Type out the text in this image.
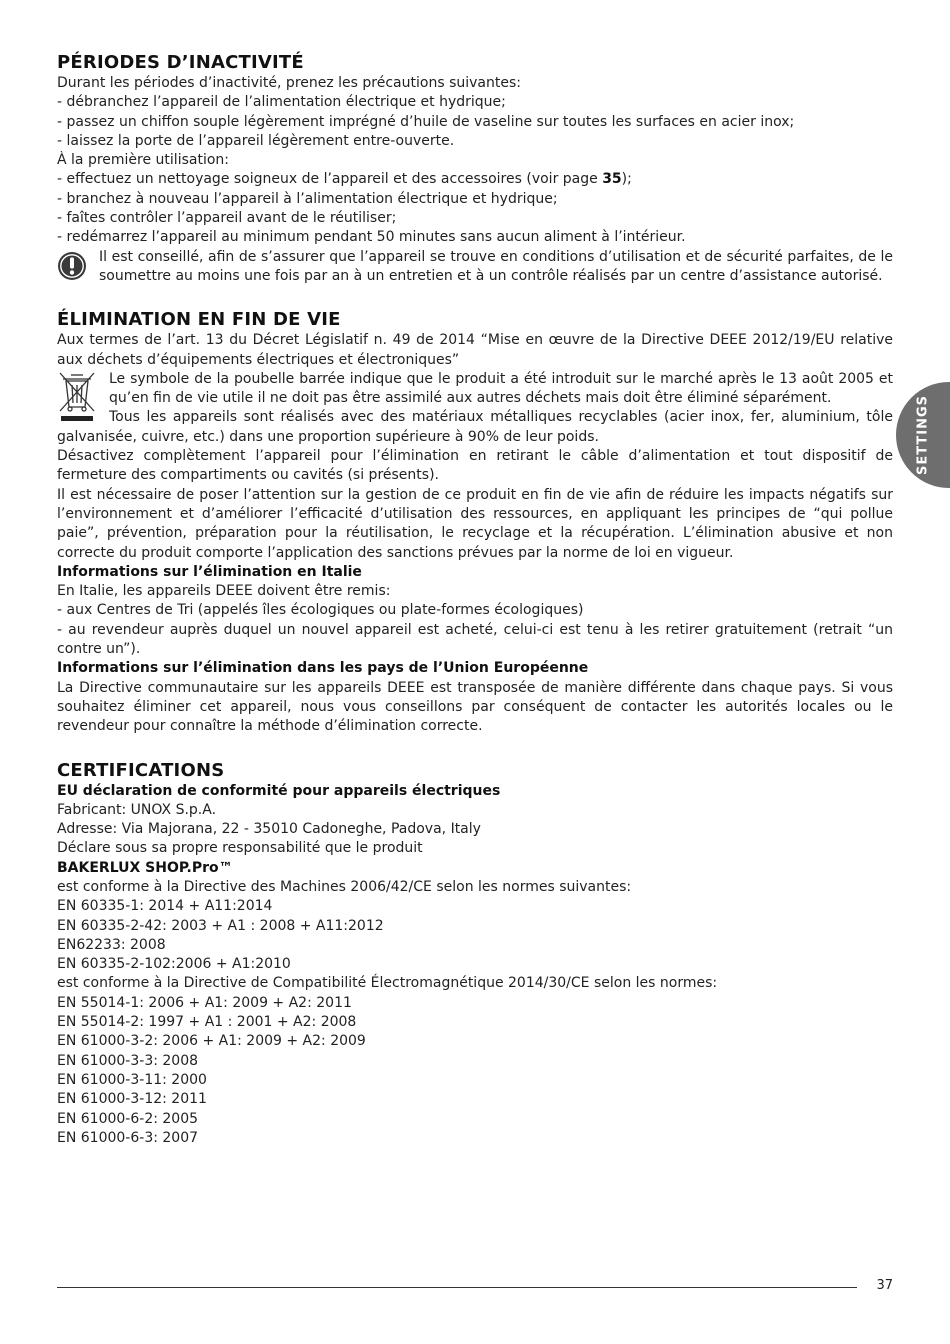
SETTINGS
PÉRIODES D’INACTIVITÉ
Durant les périodes d’inactivité, prenez les précautions suivantes:
- débranchez l’appareil de l’alimentation électrique et hydrique;
- passez un chiffon souple légèrement imprégné d’huile de vaseline sur toutes les surfaces en acier inox;
- laissez la porte de l’appareil légèrement entre-ouverte.
À la première utilisation:
- effectuez un nettoyage soigneux de l’appareil et des accessoires (voir page 35);
- branchez à nouveau l’appareil à l’alimentation électrique et hydrique;
- faîtes contrôler l’appareil avant de le réutiliser;
- redémarrez l’appareil au minimum pendant 50 minutes sans aucun aliment à l’intérieur.
Il est conseillé, afin de s’assurer que l’appareil se trouve en conditions d’utilisation et de sécurité parfaites, de le soumettre au moins une fois par an à un entretien et à un contrôle réalisés par un centre d’assistance autorisé.
ÉLIMINATION EN FIN DE VIE
Aux termes de l’art. 13 du Décret Législatif n. 49 de 2014 “Mise en œuvre de la Directive DEEE 2012/19/EU relative aux déchets d’équipements électriques et électroniques”
Le symbole de la poubelle barrée indique que le produit a été introduit sur le marché après le 13 août 2005 et qu’en fin de vie utile il ne doit pas être assimilé aux autres déchets mais doit être éliminé séparément.
Tous les appareils sont réalisés avec des matériaux métalliques recyclables (acier inox, fer, aluminium, tôle galvanisée, cuivre, etc.) dans une proportion supérieure à 90% de leur poids.
Désactivez complètement l’appareil pour l’élimination en retirant le câble d’alimentation et tout dispositif de fermeture des compartiments ou cavités (si présents).
Il est nécessaire de poser l’attention sur la gestion de ce produit en fin de vie afin de réduire les impacts négatifs sur l’environnement et d’améliorer l’efficacité d’utilisation des ressources, en appliquant les principes de “qui pollue paie”, prévention, préparation pour la réutilisation, le recyclage et la récupération. L’élimination abusive et non correcte du produit comporte l’application des sanctions prévues par la norme de loi en vigueur.
Informations sur l’élimination en Italie
En Italie, les appareils DEEE doivent être remis:
- aux Centres de Tri (appelés îles écologiques ou plate-formes écologiques)
- au revendeur auprès duquel un nouvel appareil est acheté, celui-ci est tenu à les retirer gratuitement (retrait “un contre un”).
Informations sur l’élimination dans les pays de l’Union Européenne
La Directive communautaire sur les appareils DEEE est transposée de manière différente dans chaque pays. Si vous souhaitez éliminer cet appareil, nous vous conseillons par conséquent de contacter les autorités locales ou le revendeur pour connaître la méthode d’élimination correcte.
CERTIFICATIONS
EU déclaration de conformité pour appareils électriques
Fabricant: UNOX S.p.A.
Adresse: Via Majorana, 22 - 35010 Cadoneghe, Padova, Italy
Déclare sous sa propre responsabilité que le produit
BAKERLUX SHOP.Pro™
est conforme à la Directive des Machines 2006/42/CE selon les normes suivantes:
EN 60335-1: 2014 + A11:2014
EN 60335-2-42: 2003 + A1 : 2008 + A11:2012
EN62233: 2008
EN 60335-2-102:2006 + A1:2010
est conforme à la Directive de Compatibilité Électromagnétique 2014/30/CE selon les normes:
EN 55014-1: 2006 + A1: 2009 + A2: 2011
EN 55014-2: 1997 + A1 : 2001 + A2: 2008
EN 61000-3-2: 2006 + A1: 2009 + A2: 2009
EN 61000-3-3: 2008
EN 61000-3-11: 2000
EN 61000-3-12: 2011
EN 61000-6-2: 2005
EN 61000-6-3: 2007
37
